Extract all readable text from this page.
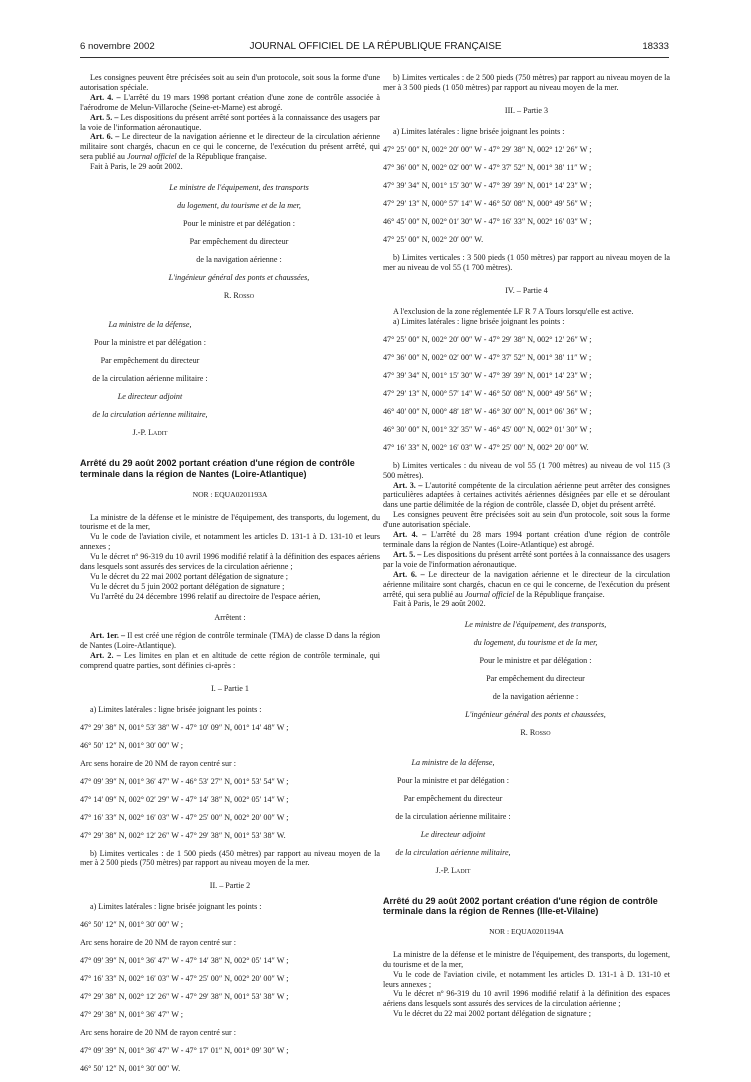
6 novembre 2002	JOURNAL OFFICIEL DE LA RÉPUBLIQUE FRANÇAISE	18333

Les consignes peuvent être précisées soit au sein d'un protocole, soit sous la forme d'une autorisation spéciale.

Art. 4. – L'arrêté du 19 mars 1998 portant création d'une zone de contrôle associée à l'aérodrome de Melun-Villaroche (Seine-et-Marne) est abrogé.

Art. 5. – Les dispositions du présent arrêté sont portées à la connaissance des usagers par la voie de l'information aéronautique.

Art. 6. – Le directeur de la navigation aérienne et le directeur de la circulation aérienne militaire sont chargés, chacun en ce qui le concerne, de l'exécution du présent arrêté, qui sera publié au Journal officiel de la République française.

Fait à Paris, le 29 août 2002.

Le ministre de l'équipement, des transports

du logement, du tourisme et de la mer,

Pour le ministre et par délégation :

Par empêchement du directeur

de la navigation aérienne :

L'ingénieur général des ponts et chaussées,

R. Rosso

La ministre de la défense,

Pour la ministre et par délégation :

Par empêchement du directeur

de la circulation aérienne militaire :

Le directeur adjoint

de la circulation aérienne militaire,

J.-P. Ladit

Arrêté du 29 août 2002 portant création d'une région de contrôle terminale dans la région de Nantes (Loire-Atlantique)

NOR : EQUA0201193A

La ministre de la défense et le ministre de l'équipement, des transports, du logement, du tourisme et de la mer,

Vu le code de l'aviation civile, et notamment les articles D. 131-1 à D. 131-10 et leurs annexes ;

Vu le décret nº 96-319 du 10 avril 1996 modifié relatif à la définition des espaces aériens dans lesquels sont assurés des services de la circulation aérienne ;

Vu le décret du 22 mai 2002 portant délégation de signature ;

Vu le décret du 5 juin 2002 portant délégation de signature ;

Vu l'arrêté du 24 décembre 1996 relatif au directoire de l'espace aérien,

Arrêtent :

Art. 1er. – Il est créé une région de contrôle terminale (TMA) de classe D dans la région de Nantes (Loire-Atlantique).

Art. 2. – Les limites en plan et en altitude de cette région de contrôle terminale, qui comprend quatre parties, sont définies ci-après :

I. – Partie 1

a) Limites latérales : ligne brisée joignant les points :

47° 29′ 38″ N, 001° 53′ 38″ W - 47° 10′ 09″ N, 001° 14′ 48″ W ;

46° 50′ 12″ N, 001° 30′ 00″ W ;

Arc sens horaire de 20 NM de rayon centré sur :

47° 09′ 39″ N, 001° 36′ 47″ W - 46° 53′ 27″ N, 001° 53′ 54″ W ;

47° 14′ 09″ N, 002° 02′ 29″ W - 47° 14′ 38″ N, 002° 05′ 14″ W ;

47° 16′ 33″ N, 002° 16′ 03″ W - 47° 25′ 00″ N, 002° 20′ 00″ W ;

47° 29′ 38″ N, 002° 12′ 26″ W - 47° 29′ 38″ N, 001° 53′ 38″ W.

b) Limites verticales : de 1 500 pieds (450 mètres) par rapport au niveau moyen de la mer à 2 500 pieds (750 mètres) par rapport au niveau moyen de la mer.

II. – Partie 2

a) Limites latérales : ligne brisée joignant les points :

46° 50′ 12″ N, 001° 30′ 00″ W ;

Arc sens horaire de 20 NM de rayon centré sur :

47° 09′ 39″ N, 001° 36′ 47″ W - 47° 14′ 38″ N, 002° 05′ 14″ W ;

47° 16′ 33″ N, 002° 16′ 03″ W - 47° 25′ 00″ N, 002° 20′ 00″ W ;

47° 29′ 38″ N, 002° 12′ 26″ W - 47° 29′ 38″ N, 001° 53′ 38″ W ;

47° 29′ 38″ N, 001° 36′ 47″ W ;

Arc sens horaire de 20 NM de rayon centré sur :

47° 09′ 39″ N, 001° 36′ 47″ W - 47° 17′ 01″ N, 001° 09′ 30″ W ;

46° 50′ 12″ N, 001° 30′ 00″ W.

b) Limites verticales : de 2 500 pieds (750 mètres) par rapport au niveau moyen de la mer à 3 500 pieds (1 050 mètres) par rapport au niveau moyen de la mer.

III. – Partie 3

a) Limites latérales : ligne brisée joignant les points :

47° 25′ 00″ N, 002° 20′ 00″ W - 47° 29′ 38″ N, 002° 12′ 26″ W ;

47° 36′ 00″ N, 002° 02′ 00″ W - 47° 37′ 52″ N, 001° 38′ 11″ W ;

47° 39′ 34″ N, 001° 15′ 30″ W - 47° 39′ 39″ N, 001° 14′ 23″ W ;

47° 29′ 13″ N, 000° 57′ 14″ W - 46° 50′ 08″ N, 000° 49′ 56″ W ;

46° 45′ 00″ N, 002° 01′ 30″ W - 47° 16′ 33″ N, 002° 16′ 03″ W ;

47° 25′ 00″ N, 002° 20′ 00″ W.

b) Limites verticales : 3 500 pieds (1 050 mètres) par rapport au niveau moyen de la mer au niveau de vol 55 (1 700 mètres).

IV. – Partie 4

A l'exclusion de la zone réglementée LF R 7 A Tours lorsqu'elle est active.

a) Limites latérales : ligne brisée joignant les points :

47° 25′ 00″ N, 002° 20′ 00″ W - 47° 29′ 38″ N, 002° 12′ 26″ W ;

47° 36′ 00″ N, 002° 02′ 00″ W - 47° 37′ 52″ N, 001° 38′ 11″ W ;

47° 39′ 34″ N, 001° 15′ 30″ W - 47° 39′ 39″ N, 001° 14′ 23″ W ;

47° 29′ 13″ N, 000° 57′ 14″ W - 46° 50′ 08″ N, 000° 49′ 56″ W ;

46° 40′ 00″ N, 000° 48′ 18″ W - 46° 30′ 00″ N, 001° 06′ 36″ W ;

46° 30′ 00″ N, 001° 32′ 35″ W - 46° 45′ 00″ N, 002° 01′ 30″ W ;

47° 16′ 33″ N, 002° 16′ 03″ W - 47° 25′ 00″ N, 002° 20′ 00″ W.

b) Limites verticales : du niveau de vol 55 (1 700 mètres) au niveau de vol 115 (3 500 mètres).

Art. 3. – L'autorité compétente de la circulation aérienne peut arrêter des consignes particulières adaptées à certaines activités aériennes désignées par elle et se déroulant dans une partie délimitée de la région de contrôle, classée D, objet du présent arrêté.

Les consignes peuvent être précisées soit au sein d'un protocole, soit sous la forme d'une autorisation spéciale.

Art. 4. – L'arrêté du 28 mars 1994 portant création d'une région de contrôle terminale dans la région de Nantes (Loire-Atlantique) est abrogé.

Art. 5. – Les dispositions du présent arrêté sont portées à la connaissance des usagers par la voie de l'information aéronautique.

Art. 6. – Le directeur de la navigation aérienne et le directeur de la circulation aérienne militaire sont chargés, chacun en ce qui le concerne, de l'exécution du présent arrêté, qui sera publié au Journal officiel de la République française.

Fait à Paris, le 29 août 2002.

Le ministre de l'équipement, des transports,

du logement, du tourisme et de la mer,

Pour le ministre et par délégation :

Par empêchement du directeur

de la navigation aérienne :

L'ingénieur général des ponts et chaussées,

R. Rosso

La ministre de la défense,

Pour la ministre et par délégation :

Par empêchement du directeur

de la circulation aérienne militaire :

Le directeur adjoint

de la circulation aérienne militaire,

J.-P. Ladit

Arrêté du 29 août 2002 portant création d'une région de contrôle terminale dans la région de Rennes (Ille-et-Vilaine)

NOR : EQUA0201194A

La ministre de la défense et le ministre de l'équipement, des transports, du logement, du tourisme et de la mer,

Vu le code de l'aviation civile, et notamment les articles D. 131-1 à D. 131-10 et leurs annexes ;

Vu le décret nº 96-319 du 10 avril 1996 modifié relatif à la définition des espaces aériens dans lesquels sont assurés des services de la circulation aérienne ;

Vu le décret du 22 mai 2002 portant délégation de signature ;
